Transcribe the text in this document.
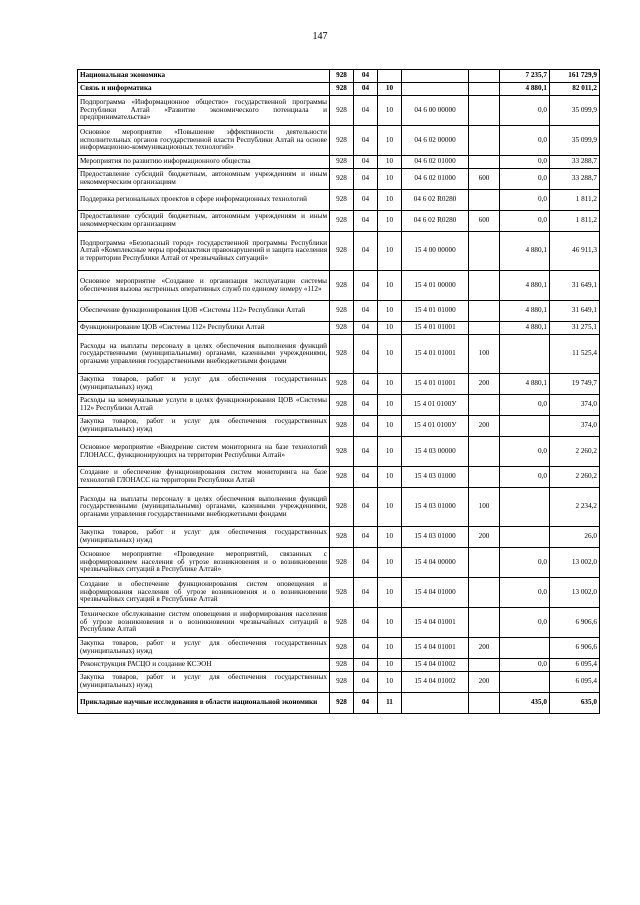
147
Национальная экономика	928	04				7 235,7	161 729,9
Связь и информатика	928	04	10			4 880,1	82 011,2
Подпрограмма «Информационное общество» государственной программы Республики Алтай «Развитие экономического потенциала и предпринимательства»	928	04	10	04 6 00 00000		0,0	35 099,9
Основное мероприятие «Повышение эффективности деятельности исполнительных органов государственной власти Республики Алтай на основе информационно-коммуникационных технологий»	928	04	10	04 6 02 00000		0,0	35 099,9
Мероприятия по развитию информационного общества	928	04	10	04 6 02 01000		0,0	33 288,7
Предоставление субсидий бюджетным, автономным учреждениям и иным некоммерческим организациям	928	04	10	04 6 02 01000	600	0,0	33 288,7
Поддержка региональных проектов в сфере информационных технологий	928	04	10	04 6 02 R0280		0,0	1 811,2
Предоставление субсидий бюджетным, автономным учреждениям и иным некоммерческим организациям	928	04	10	04 6 02 R0280	600	0,0	1 811,2
Подпрограмма «Безопасный город» государственной программы Республики Алтай «Комплексные меры профилактики правонарушений и защита населения и территории Республики Алтай от чрезвычайных ситуаций»	928	04	10	15 4 00 00000		4 880,1	46 911,3
Основное мероприятие «Создание и организация эксплуатации системы обеспечения вызова экстренных оперативных служб по единому номеру «112»	928	04	10	15 4 01 00000		4 880,1	31 649,1
Обеспечение функционирования ЦОВ «Системы 112» Республики Алтай	928	04	10	15 4 01 01000		4 880,1	31 649,1
Функционирование ЦОВ «Системы 112» Республики Алтай	928	04	10	15 4 01 01001		4 880,1	31 275,1
Расходы на выплаты персоналу в целях обеспечения выполнения функций государственными (муниципальными) органами, казенными учреждениями, органами управления государственными внебюджетными фондами	928	04	10	15 4 01 01001	100		11 525,4
Закупка товаров, работ и услуг для обеспечения государственных (муниципальных) нужд	928	04	10	15 4 01 01001	200	4 880,1	19 749,7
Расходы на коммунальные услуги в целях функционирования ЦОВ «Системы 112» Республики Алтай	928	04	10	15 4 01 0100У		0,0	374,0
Закупка товаров, работ и услуг для обеспечения государственных (муниципальных) нужд	928	04	10	15 4 01 0100У	200		374,0
Основное мероприятие «Внедрение систем мониторинга на базе технологий ГЛОНАСС, функционирующих на территории Республики Алтай»	928	04	10	15 4 03 00000		0,0	2 260,2
Создание и обеспечение функционирования систем мониторинга на базе технологий ГЛОНАСС на территории Республики Алтай	928	04	10	15 4 03 01000		0,0	2 260,2
Расходы на выплаты персоналу в целях обеспечения выполнения функций государственными (муниципальными) органами, казенными учреждениями, органами управления государственными внебюджетными фондами	928	04	10	15 4 03 01000	100		2 234,2
Закупка товаров, работ и услуг для обеспечения государственных (муниципальных) нужд	928	04	10	15 4 03 01000	200		26,0
Основное мероприятие «Проведение мероприятий, связанных с информированием населения об угрозе возникновения и о возникновении чрезвычайных ситуаций в Республике Алтай»	928	04	10	15 4 04 00000		0,0	13 002,0
Создание и обеспечение функционирования систем оповещения и информирования населения об угрозе возникновения и о возникновении чрезвычайных ситуаций в Республике Алтай	928	04	10	15 4 04 01000		0,0	13 002,0
Техническое обслуживание систем оповещения и информирования населения об угрозе возникновения и о возникновении чрезвычайных ситуаций в Республике Алтай	928	04	10	15 4 04 01001		0,0	6 906,6
Закупка товаров, работ и услуг для обеспечения государственных (муниципальных) нужд	928	04	10	15 4 04 01001	200		6 906,6
Реконструкция РАСЦО и создание КСЭОН	928	04	10	15 4 04 01002		0,0	6 095,4
Закупка товаров, работ и услуг для обеспечения государственных (муниципальных) нужд	928	04	10	15 4 04 01002	200		6 095,4
Прикладные научные исследования в области национальной экономики	928	04	11			435,0	635,0
